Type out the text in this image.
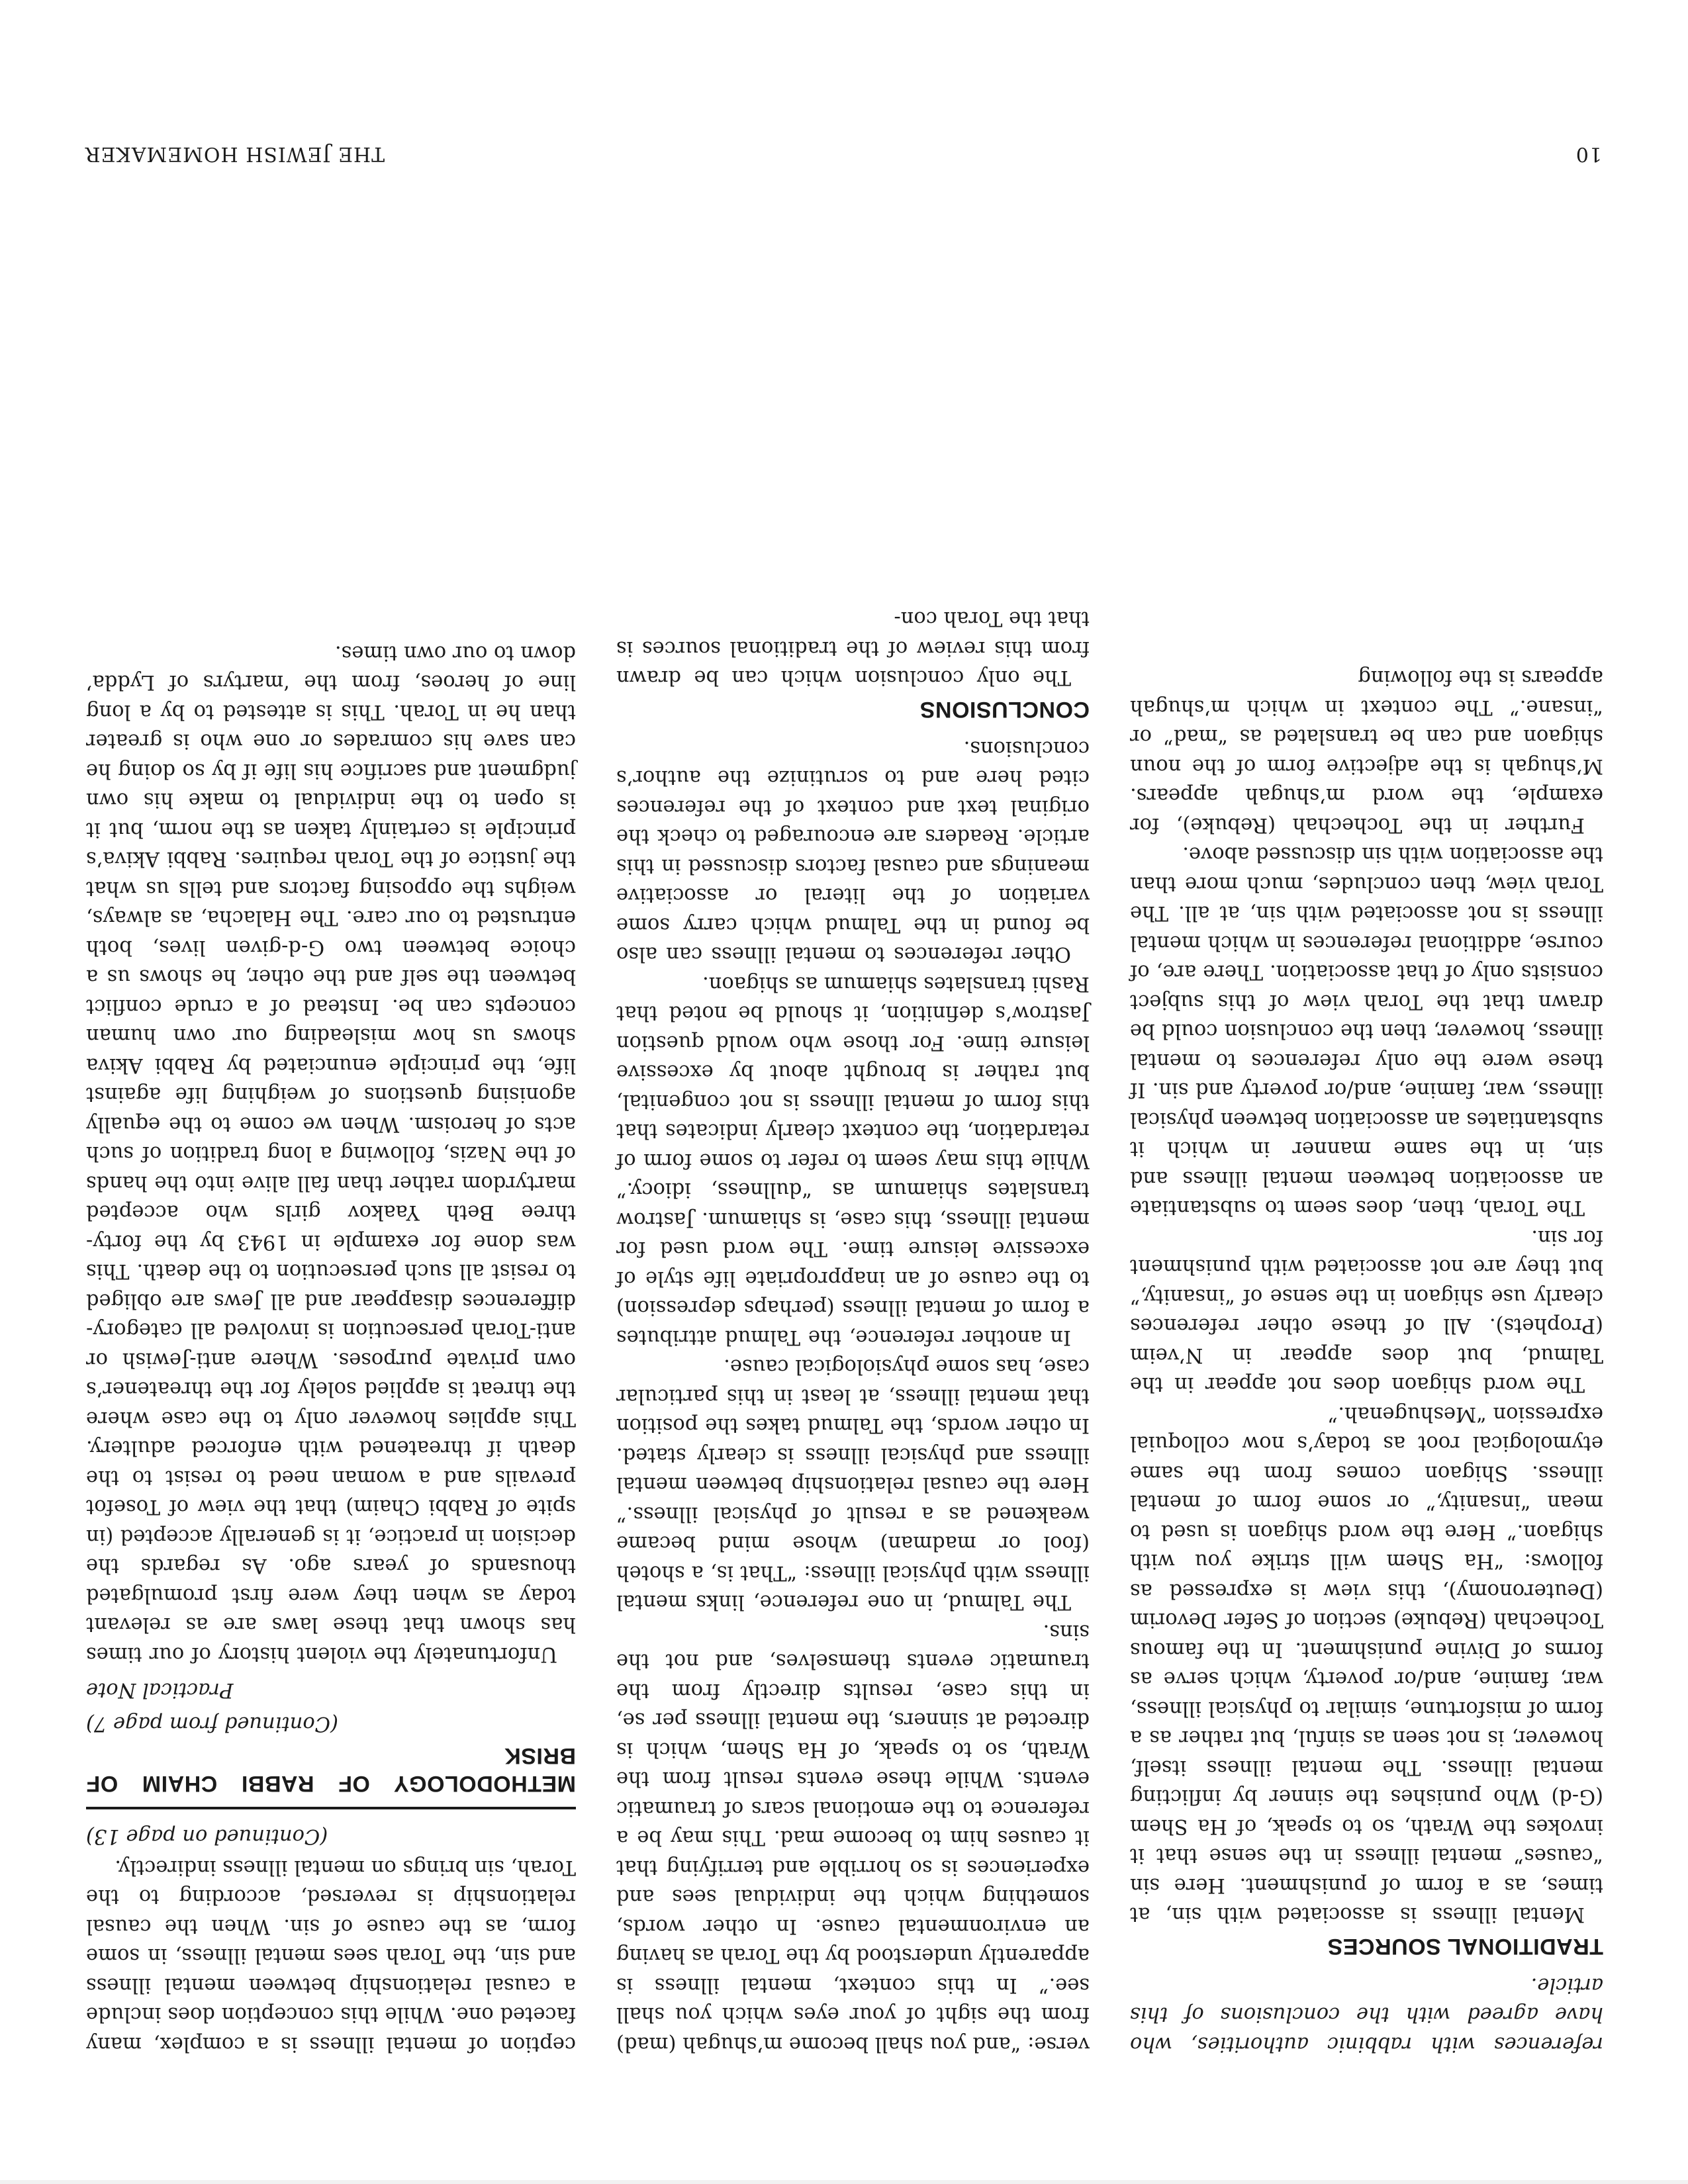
10
THE JEWISH HOMEMAKER

references with rabbinic authorities, who have agreed with the conclusions of this article.

TRADITIONAL SOURCES

Mental illness is associated with sin, at times, as a form of punishment. Here sin “causes” mental illness in the sense that it invokes the Wrath, so to speak, of Ha Shem (G-d) Who punishes the sinner by inflicting mental illness. The mental illness itself, however, is not seen as sinful, but rather as a form of misfortune, similar to physical illness, war, famine, and/or poverty, which serve as forms of Divine punishment. In the famous Tochechah (Rebuke) section of Sefer Devorim (Deuteronomy), this view is expressed as follows: “Ha Shem will strike you with shigaon.” Here the word shigaon is used to mean “insanity,” or some form of mental illness. Shigaon comes from the same etymological root as today’s now colloquial expression “Meshugenah.”

The word shigaon does not appear in the Talmud, but does appear in N’veim (Prophets). All of these other references clearly use shigaon in the sense of “insanity,” but they are not associated with punishment for sin.

The Torah, then, does seem to substantiate an association between mental illness and sin, in the same manner in which it substantiates an association between physical illness, war, famine, and/or poverty and sin. If these were the only references to mental illness, however, then the conclusion could be drawn that the Torah view of this subject consists only of that association. There are, of course, additional references in which mental illness is not associated with sin, at all. The Torah view, then concludes, much more than the association with sin discussed above.

Further in the Tochechah (Rebuke), for example, the word m’shugah appears. M’shugah is the adjective form of the noun shigaon and can be translated as “mad” or “insane.” The context in which m’shugah appears is the following

verse: “and you shall become m’shugah (mad) from the sight of your eyes which you shall see.” In this context, mental illness is apparently understood by the Torah as having an environmental cause. In other words, something which the individual sees and experiences is so horrible and terrifying that it causes him to become mad. This may be a reference to the emotional scars of traumatic events. While these events result from the Wrath, so to speak, of Ha Shem, which is directed at sinners, the mental illness per se, in this case, results directly from the traumatic events themselves, and not the sins.

The Talmud, in one reference, links mental illness with physical illness: “That is, a shoteh (fool or madman) whose mind became weakened as a result of physical illness.” Here the causal relationship between mental illness and physical illness is clearly stated. In other words, the Talmud takes the position that mental illness, at least in this particular case, has some physiological cause.

In another reference, the Talmud attributes a form of mental illness (perhaps depression) to the cause of an inappropriate life style of excessive leisure time. The word used for mental illness, this case, is shiamum. Jastrow translates shiamum as “dullness, idiocy.” While this may seem to refer to some form of retardation, the context clearly indicates that this form of mental illness is not congenital, but rather is brought about by excessive leisure time. For those who would question Jastrow’s definition, it should be noted that Rashi translates shiamum as shigaon.

Other references to mental illness can also be found in the Talmud which carry some variation of the literal or associative meanings and causal factors discussed in this article. Readers are encouraged to check the original text and context of the references cited here and to scrutinize the author’s conclusions.

CONCLUSIONS

The only conclusion which can be drawn from this review of the traditional sources is that the Torah con-

ception of mental illness is a complex, many faceted one. While this conception does include a causal relationship between mental illness and sin, the Torah sees mental illness, in some form, as the cause of sin. When the causal relationship is reversed, according to the Torah, sin brings on mental illness indirectly.

(Continued on page 13)

METHODOLOGY OF RABBI CHAIM OF BRISK

(Continued from page 7)

Practical Note

Unfortunately the violent history of our times has shown that these laws are as relevant today as when they were first promulgated thousands of years ago. As regards the decision in practice, it is generally accepted (in spite of Rabbi Chaim) that the view of Tosefot prevails and a woman need to resist to the death if threatened with enforced adultery. This applies however only to the case where the threat is applied solely for the threatener’s own private purposes. Where anti-Jewish or anti-Torah persecution is involved all category-differences disappear and all Jews are obliged to resist all such persecution to the death. This was done for example in 1943 by the forty-three Beth Yaakov girls who accepted martyrdom rather than fall alive into the hands of the Nazis, following a long tradition of such acts of heroism. When we come to the equally agonising questions of weighing life against life, the principle enunciated by Rabbi Akiva shows us how misleading our own human concepts can be. Instead of a crude conflict between the self and the other, he shows us a choice between two G-d-given lives, both entrusted to our care. The Halacha, as always, weighs the opposing factors and tells us what the justice of the Torah requires. Rabbi Akiva’s principle is certainly taken as the norm, but it is open to the individual to make his own judgment and sacrifice his life if by so doing he can save his comrades or one who is greater than he in Torah. This is attested to by a long line of heroes, from the ‘martyrs of Lydda’ down to our own times.
